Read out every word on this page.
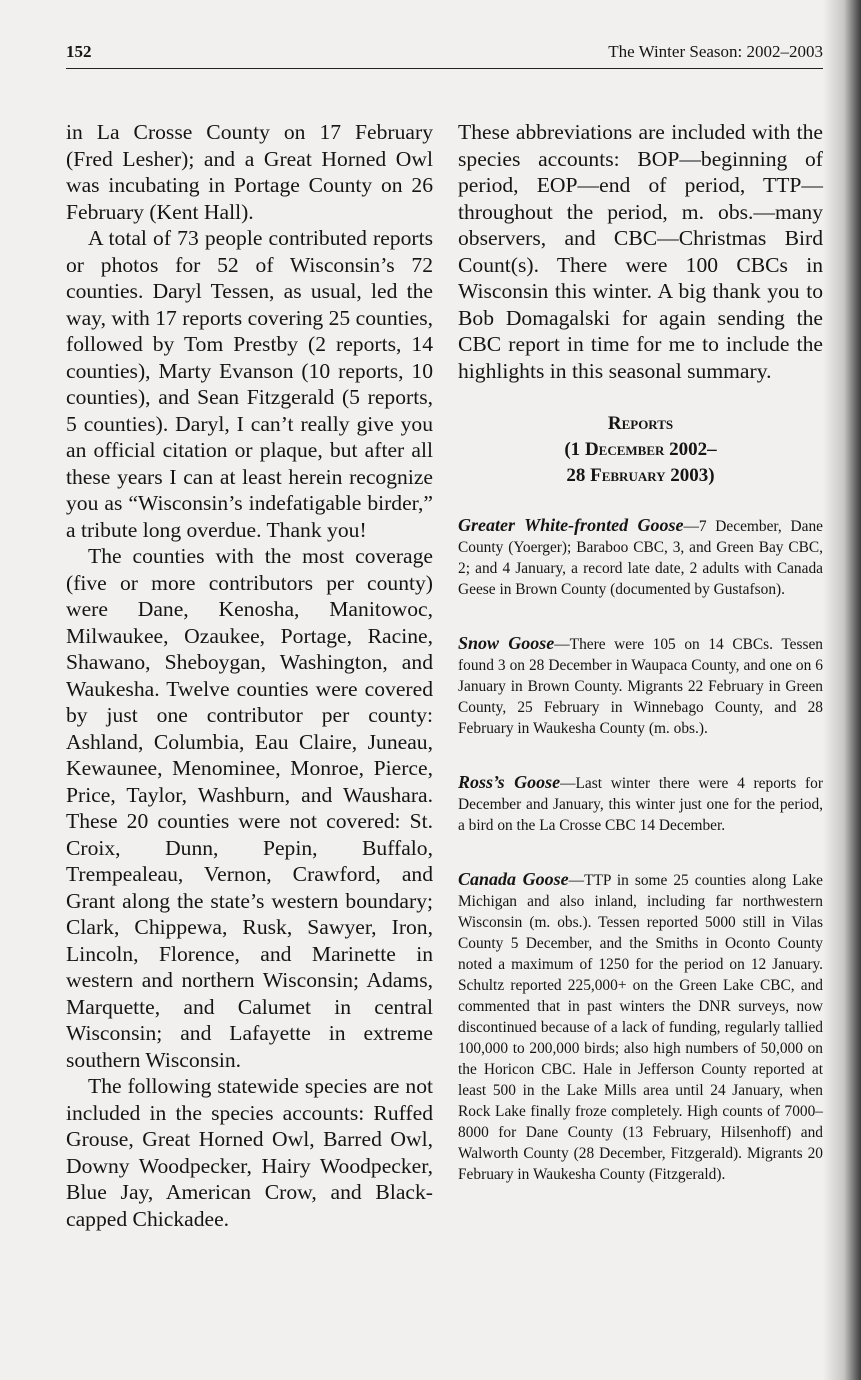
152	The Winter Season: 2002–2003

in La Crosse County on 17 February (Fred Lesher); and a Great Horned Owl was incubating in Portage County on 26 February (Kent Hall).

A total of 73 people contributed reports or photos for 52 of Wisconsin’s 72 counties. Daryl Tessen, as usual, led the way, with 17 reports covering 25 counties, followed by Tom Prestby (2 reports, 14 counties), Marty Evanson (10 reports, 10 counties), and Sean Fitzgerald (5 reports, 5 counties). Daryl, I can’t really give you an official citation or plaque, but after all these years I can at least herein recognize you as “Wisconsin’s indefatigable birder,” a tribute long overdue. Thank you!

The counties with the most coverage (five or more contributors per county) were Dane, Kenosha, Manitowoc, Milwaukee, Ozaukee, Portage, Racine, Shawano, Sheboygan, Washington, and Waukesha. Twelve counties were covered by just one contributor per county: Ashland, Columbia, Eau Claire, Juneau, Kewaunee, Menominee, Monroe, Pierce, Price, Taylor, Washburn, and Waushara. These 20 counties were not covered: St. Croix, Dunn, Pepin, Buffalo, Trempealeau, Vernon, Crawford, and Grant along the state’s western boundary; Clark, Chippewa, Rusk, Sawyer, Iron, Lincoln, Florence, and Marinette in western and northern Wisconsin; Adams, Marquette, and Calumet in central Wisconsin; and Lafayette in extreme southern Wisconsin.

The following statewide species are not included in the species accounts: Ruffed Grouse, Great Horned Owl, Barred Owl, Downy Woodpecker, Hairy Woodpecker, Blue Jay, American Crow, and Black-capped Chickadee.

These abbreviations are included with the species accounts: BOP—beginning of period, EOP—end of period, TTP—throughout the period, m. obs.—many observers, and CBC—Christmas Bird Count(s). There were 100 CBCs in Wisconsin this winter. A big thank you to Bob Domagalski for again sending the CBC report in time for me to include the highlights in this seasonal summary.

Reports
(1 December 2002–
28 February 2003)

Greater White-fronted Goose—7 December, Dane County (Yoerger); Baraboo CBC, 3, and Green Bay CBC, 2; and 4 January, a record late date, 2 adults with Canada Geese in Brown County (documented by Gustafson).

Snow Goose—There were 105 on 14 CBCs. Tessen found 3 on 28 December in Waupaca County, and one on 6 January in Brown County. Migrants 22 February in Green County, 25 February in Winnebago County, and 28 February in Waukesha County (m. obs.).

Ross’s Goose—Last winter there were 4 reports for December and January, this winter just one for the period, a bird on the La Crosse CBC 14 December.

Canada Goose—TTP in some 25 counties along Lake Michigan and also inland, including far northwestern Wisconsin (m. obs.). Tessen reported 5000 still in Vilas County 5 December, and the Smiths in Oconto County noted a maximum of 1250 for the period on 12 January. Schultz reported 225,000+ on the Green Lake CBC, and commented that in past winters the DNR surveys, now discontinued because of a lack of funding, regularly tallied 100,000 to 200,000 birds; also high numbers of 50,000 on the Horicon CBC. Hale in Jefferson County reported at least 500 in the Lake Mills area until 24 January, when Rock Lake finally froze completely. High counts of 7000–8000 for Dane County (13 February, Hilsenhoff) and Walworth County (28 December, Fitzgerald). Migrants 20 February in Waukesha County (Fitzgerald).
